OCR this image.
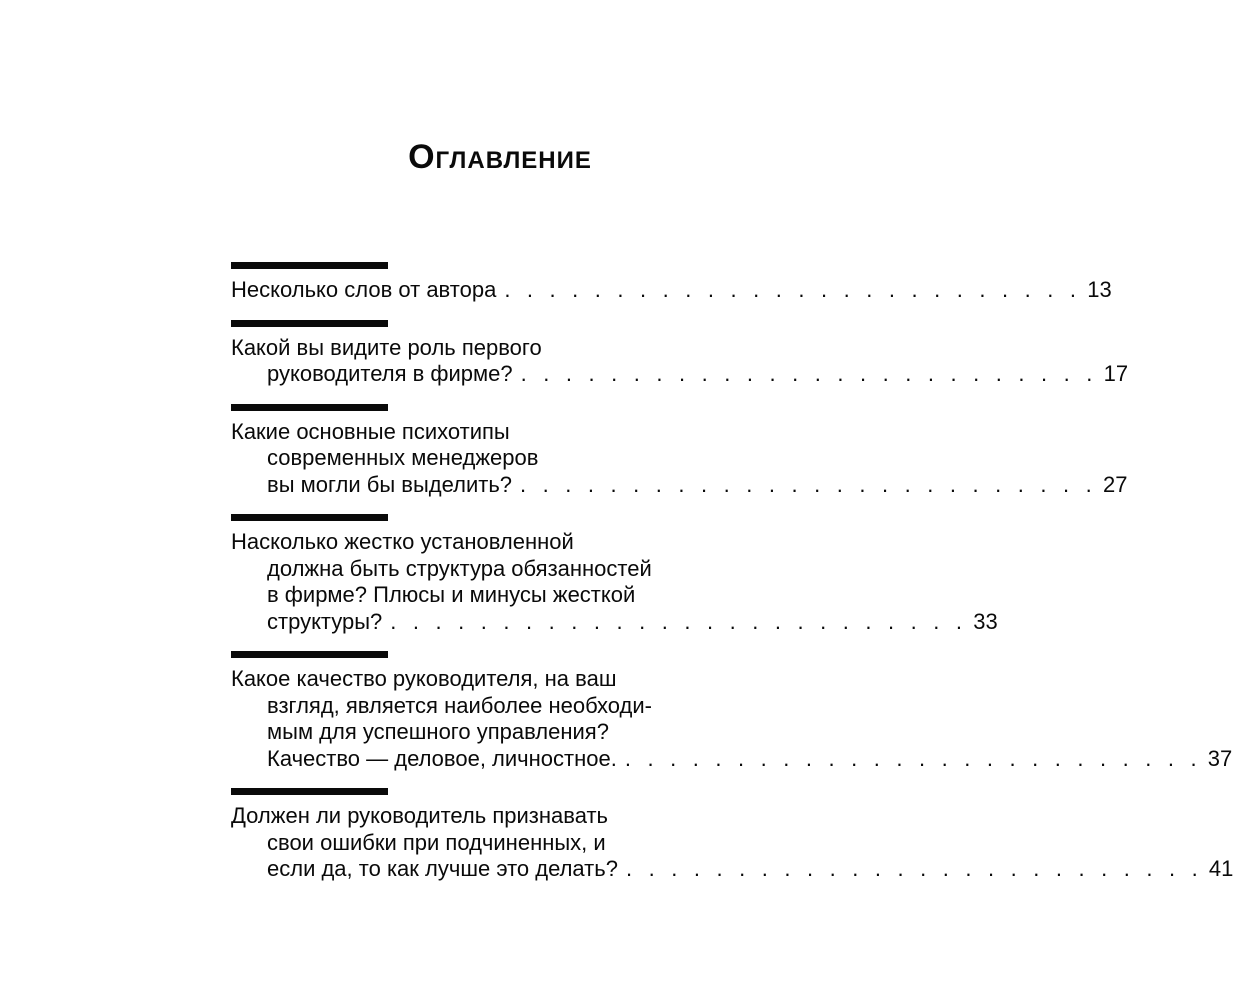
Оглавление
Несколько слов от автора . . . . . . . . . . . . . . . . . . . . . . . . . . 13
Какой вы видите роль первого
руководителя в фирме? . . . . . . . . . . . . . . . . . . . . . . . . . . 17
Какие основные психотипы
современных менеджеров
вы могли бы выделить? . . . . . . . . . . . . . . . . . . . . . . . . . . 27
Насколько жестко установленной
должна быть структура обязанностей
в фирме? Плюсы и минусы жесткой
структуры? . . . . . . . . . . . . . . . . . . . . . . . . . . 33
Какое качество руководителя, на ваш
взгляд, является наиболее необходи-
мым для успешного управления?
Качество — деловое, личностное. . . . . . . . . . . . . . . . . . . . . . . . . . . 37
Должен ли руководитель признавать
свои ошибки при подчиненных, и
если да, то как лучше это делать? . . . . . . . . . . . . . . . . . . . . . . . . . . 41
